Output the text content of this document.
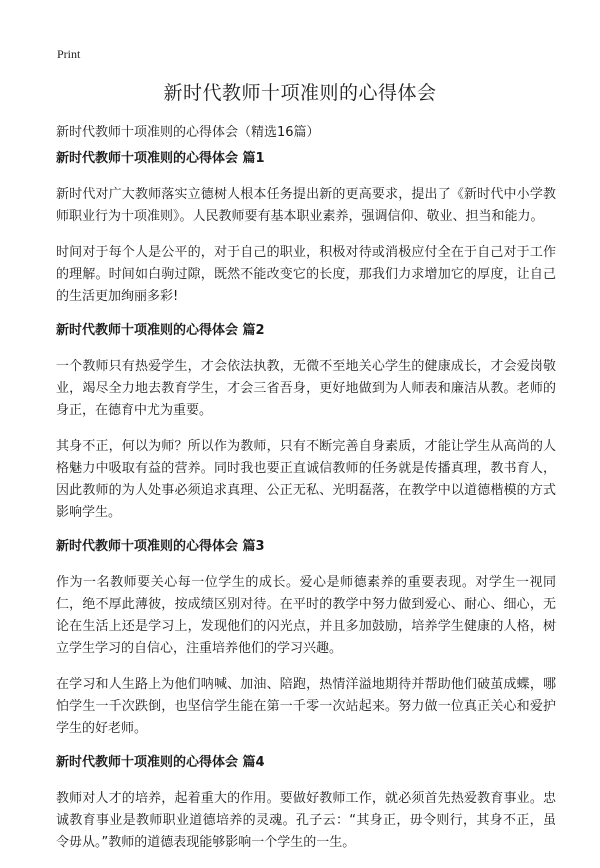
Print
新时代教师十项准则的心得体会
新时代教师十项准则的心得体会（精选16篇）
新时代教师十项准则的心得体会 篇1

新时代对广大教师落实立德树人根本任务提出新的更高要求，提出了《新时代中小学教师职业行为十项准则》。人民教师要有基本职业素养，强调信仰、敬业、担当和能力。

时间对于每个人是公平的，对于自己的职业，积极对待或消极应付全在于自己对于工作的理解。时间如白驹过隙，既然不能改变它的长度，那我们力求增加它的厚度，让自己的生活更加绚丽多彩!

新时代教师十项准则的心得体会 篇2

一个教师只有热爱学生，才会依法执教，无微不至地关心学生的健康成长，才会爱岗敬业，竭尽全力地去教育学生，才会三省吾身，更好地做到为人师表和廉洁从教。老师的身正，在德育中尤为重要。

其身不正，何以为师？所以作为教师，只有不断完善自身素质，才能让学生从高尚的人格魅力中吸取有益的营养。同时我也要正直诚信教师的任务就是传播真理，教书育人，因此教师的为人处事必须追求真理、公正无私、光明磊落，在教学中以道德楷模的方式影响学生。

新时代教师十项准则的心得体会 篇3

作为一名教师要关心每一位学生的成长。爱心是师德素养的重要表现。对学生一视同仁，绝不厚此薄彼，按成绩区别对待。在平时的教学中努力做到爱心、耐心、细心，无论在生活上还是学习上，发现他们的闪光点，并且多加鼓励，培养学生健康的人格，树立学生学习的自信心，注重培养他们的学习兴趣。

在学习和人生路上为他们呐喊、加油、陪跑，热情洋溢地期待并帮助他们破茧成蝶，哪怕学生一千次跌倒，也坚信学生能在第一千零一次站起来。努力做一位真正关心和爱护学生的好老师。

新时代教师十项准则的心得体会 篇4

教师对人才的培养，起着重大的作用。要做好教师工作，就必须首先热爱教育事业。忠诚教育事业是教师职业道德培养的灵魂。孔子云：“其身正，毋令则行，其身不正，虽令毋从。”教师的道德表现能够影响一个学生的一生。
